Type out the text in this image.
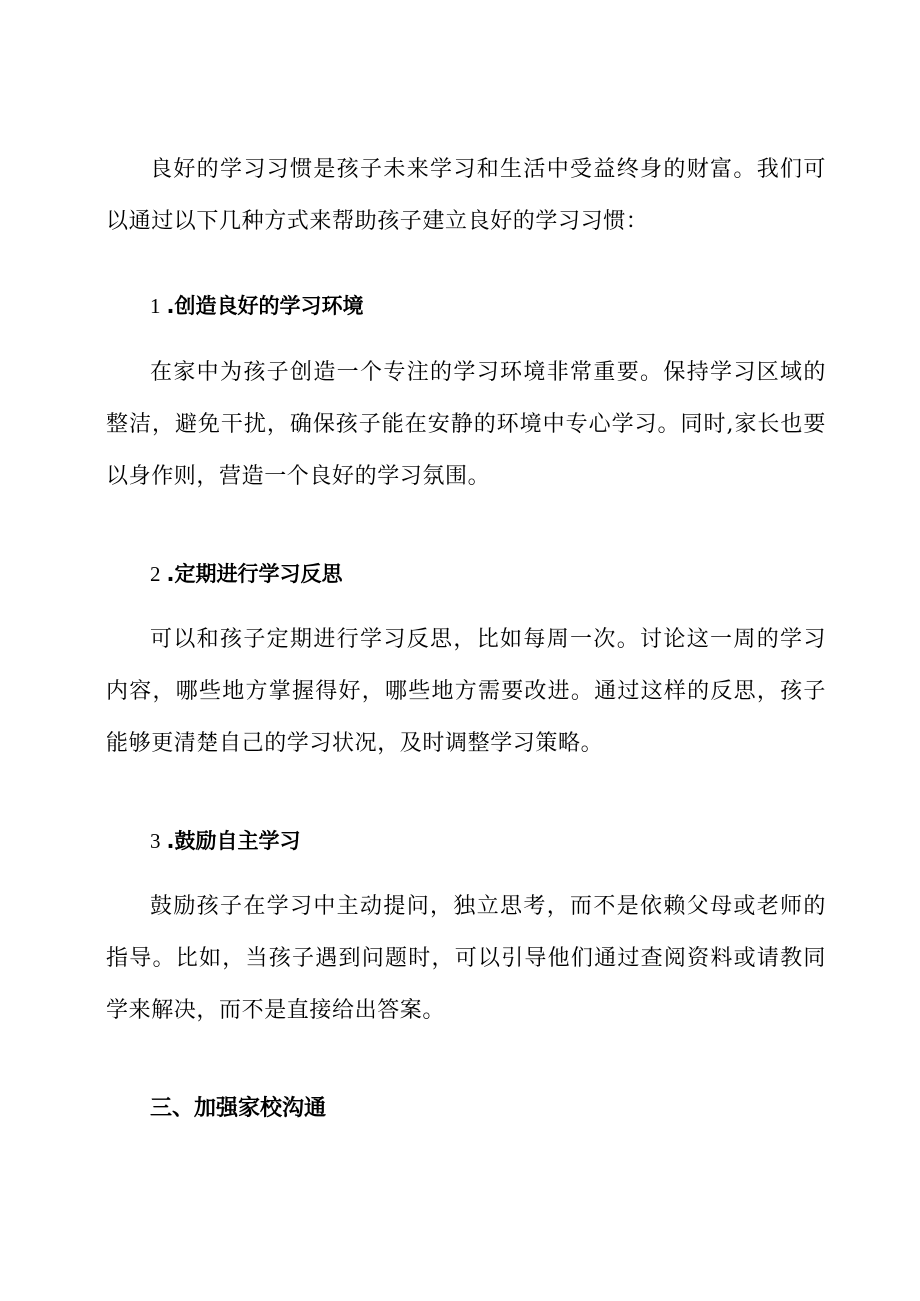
良好的学习习惯是孩子未来学习和生活中受益终身的财富。我们可以通过以下几种方式来帮助孩子建立良好的学习习惯：

1 .创造良好的学习环境

在家中为孩子创造一个专注的学习环境非常重要。保持学习区域的整洁，避免干扰，确保孩子能在安静的环境中专心学习。同时,家长也要以身作则，营造一个良好的学习氛围。

2 .定期进行学习反思

可以和孩子定期进行学习反思，比如每周一次。讨论这一周的学习内容，哪些地方掌握得好，哪些地方需要改进。通过这样的反思，孩子能够更清楚自己的学习状况，及时调整学习策略。

3 .鼓励自主学习

鼓励孩子在学习中主动提问，独立思考，而不是依赖父母或老师的指导。比如，当孩子遇到问题时，可以引导他们通过查阅资料或请教同学来解决，而不是直接给出答案。

三、加强家校沟通
